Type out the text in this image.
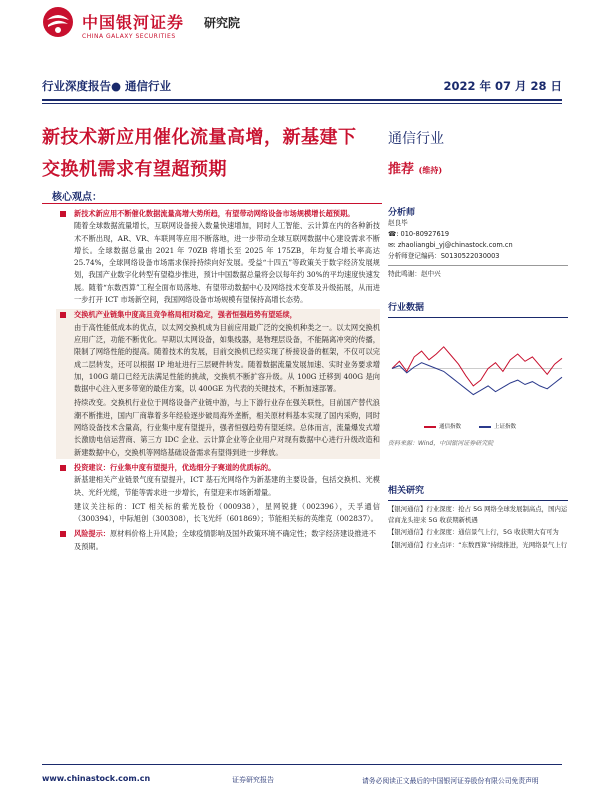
中国银河证券 研究院
CHINA GALAXY SECURITIES
行业深度报告● 通信行业	2022 年 07 月 28 日
新技术新应用催化流量高增，新基建下交换机需求有望超预期
通信行业
推荐 (维持)
核心观点：
新技术新应用不断催化数据流量高增大势所趋，有望带动网络设备市场规模增长超预期。

随着全球数据流量增长，互联网设备接入数量快速增加，同时人工智能、云计算在内的各种新技术不断出现，AR、VR、车联网等应用不断落地，进一步带动全球互联网数据中心建设需求不断增长。全球数据总量由 2021 年 70ZB 将增长至 2025 年 175ZB，年均复合增长率高达 25.74%，全球网络设备市场需求保持持续向好发展。受益“十四五”等政策关于数字经济发展规划，我国产业数字化转型有望稳步推进，预计中国数据总量将会以每年约 30%的平均速度快速发展。随着“东数西算”工程全面布局落地、有望带动数据中心及网络技术变革及升级拓展，从而进一步打开 ICT 市场新空间，我国网络设备市场规模有望保持高增长态势。

交换机产业链集中度高且竞争格局相对稳定，强者恒强趋势有望延续，

由于高性能低成本的优点，以太网交换机成为目前应用最广泛的交换机种类之一。以太网交换机应用广泛，功能不断优化。早期以太网设备，如集线器，是物理层设备，不能隔离冲突的传播，限制了网络性能的提高。随着技术的发展，目前交换机已经实现了桥接设备的框架，不仅可以完成二层转发，还可以根据 IP 地址进行三层硬件转发。随着数据流量发展加速、实时业务要求增加，100G 端口已经无法满足性能的挑战，交换机不断扩容升级。从 100G 迁移到 400G 是向数据中心注入更多带宽的最佳方案，以 400GE 为代表的关键技术，不断加速部署。

持续改变。交换机行业位于网络设备产业链中游，与上下游行业存在强关联性，目前国产替代浪潮不断推进，国内厂商靠着多年经验逐步破局海外垄断，相关原材料基本实现了国内采购，同时网络设备技术含量高，行业集中度有望提升，强者恒强趋势有望延续。总体而言，流量爆发式增长激励电信运营商、第三方 IDC 企业、云计算企业等企业用户对现有数据中心进行升级改造和新建数据中心，交换机等网络基础设备需求有望得到进一步释放。

投资建议：行业集中度有望提升，优选细分子赛道的优质标的。

新基建相关产业链景气度有望提升，ICT 基石光网络作为新基建的主要设备，包括交换机、光模块、光纤光缆，节能等需求进一步增长，有望迎来市场新增量。

建议关注标的：ICT 相关标的紫光股份（000938），星网锐捷（002396），天孚通信（300394），中际旭创（300308），长飞光纤（601869）；节能相关标的英维克（002837）。

风险提示：原材料价格上升风险；全球疫情影响及国外政策环境不确定性；数字经济建设推进不及预期。
分析师
赵良毕
☎: 010-80927619
✉: zhaoliangbi_yj@chinastock.com.cn
分析师登记编码：S0130522030003
特此鸣谢：赵中兴
行业数据
通信指数	上证指数
资料来源：Wind，中国银河证券研究院
相关研究
【银河通信】行业深度：抢占 5G 网络全球发展制高点，国内运营商龙头迎来 5G 收获期新机遇
【银河通信】行业深度：通信景气上行，5G 收获期大有可为
【银河通信】行业点评：“东数西算”持续推进，光网络景气上行
www.chinastock.com.cn	证券研究报告	请务必阅读正文最后的中国银河证券股份有限公司免责声明
